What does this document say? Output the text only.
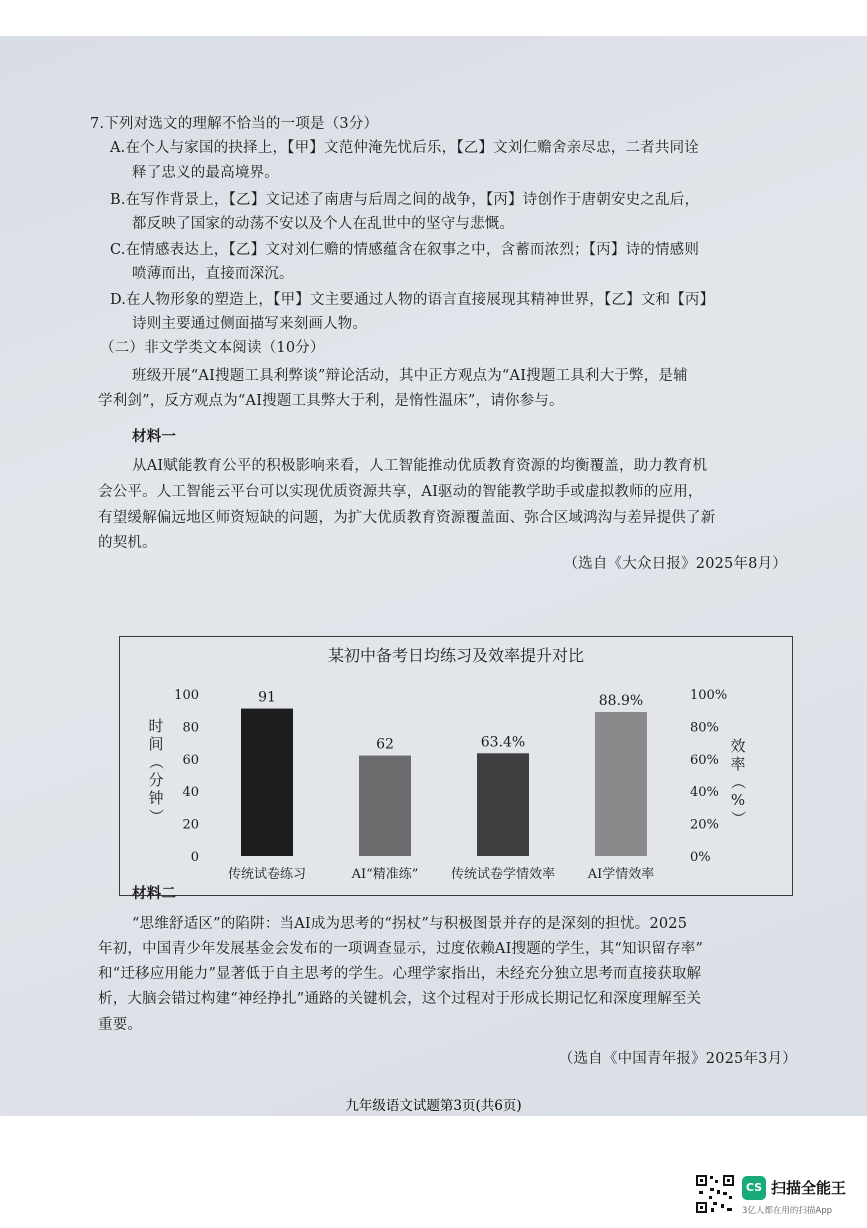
7.下列对选文的理解不恰当的一项是（3分）
A.在个人与家国的抉择上，【甲】文范仲淹先忧后乐，【乙】文刘仁赡舍亲尽忠，二者共同诠
释了忠义的最高境界。
B.在写作背景上，【乙】文记述了南唐与后周之间的战争，【丙】诗创作于唐朝安史之乱后，
都反映了国家的动荡不安以及个人在乱世中的坚守与悲慨。
C.在情感表达上，【乙】文对刘仁赡的情感蕴含在叙事之中，含蓄而浓烈；【丙】诗的情感则
喷薄而出，直接而深沉。
D.在人物形象的塑造上，【甲】文主要通过人物的语言直接展现其精神世界，【乙】文和【丙】
诗则主要通过侧面描写来刻画人物。
（二）非文学类文本阅读（10分）
班级开展“AI搜题工具利弊谈”辩论活动，其中正方观点为“AI搜题工具利大于弊，是辅
学利剑”，反方观点为“AI搜题工具弊大于利，是惰性温床”，请你参与。
材料一
从AI赋能教育公平的积极影响来看，人工智能推动优质教育资源的均衡覆盖，助力教育机
会公平。人工智能云平台可以实现优质资源共享，AI驱动的智能教学助手或虚拟教师的应用，
有望缓解偏远地区师资短缺的问题，为扩大优质教育资源覆盖面、弥合区域鸿沟与差异提供了新
的契机。
（选自《大众日报》2025年8月）
某初中备考日均练习及效率提升对比
0
20
40
60
80
100
0%
20%
40%
60%
80%
100%
91
62	63.4%
88.9%
传统试卷练习	AI“精准练”	传统试卷学情效率	AI学情效率
时
间
（
分
钟
）
效
率
（
%
）
材料二
“思维舒适区”的陷阱：当AI成为思考的“拐杖”与积极图景并存的是深刻的担忧。2025
年初，中国青少年发展基金会发布的一项调查显示，过度依赖AI搜题的学生，其“知识留存率”
和“迁移应用能力”显著低于自主思考的学生。心理学家指出，未经充分独立思考而直接获取解
析，大脑会错过构建“神经挣扎”通路的关键机会，这个过程对于形成长期记忆和深度理解至关
重要。
（选自《中国青年报》2025年3月）
九年级语文试题第3页(共6页)
CS 扫描全能王
3亿人都在用的扫描App
